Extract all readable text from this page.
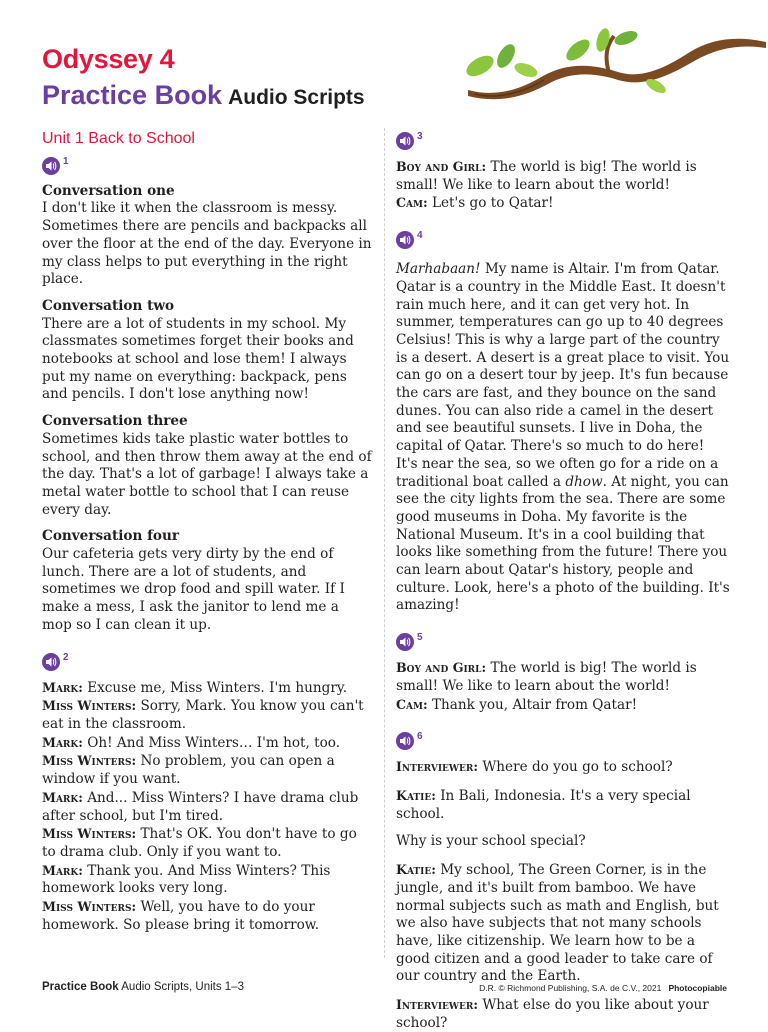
Odyssey 4
Practice Book Audio Scripts
Unit 1 Back to School
1
Conversation one

I don't like it when the classroom is messy. Sometimes there are pencils and backpacks all over the floor at the end of the day. Everyone in my class helps to put everything in the right place.

Conversation two

There are a lot of students in my school. My classmates sometimes forget their books and notebooks at school and lose them! I always put my name on everything: backpack, pens and pencils. I don't lose anything now!

Conversation three

Sometimes kids take plastic water bottles to school, and then throw them away at the end of the day. That's a lot of garbage! I always take a metal water bottle to school that I can reuse every day.

Conversation four

Our cafeteria gets very dirty by the end of lunch. There are a lot of students, and sometimes we drop food and spill water. If I make a mess, I ask the janitor to lend me a mop so I can clean it up.

2

Mark: Excuse me, Miss Winters. I'm hungry.

Miss Winters: Sorry, Mark. You know you can't eat in the classroom.

Mark: Oh! And Miss Winters… I'm hot, too.

Miss Winters: No problem, you can open a window if you want.

Mark: And... Miss Winters? I have drama club after school, but I'm tired.

Miss Winters: That's OK. You don't have to go to drama club. Only if you want to.

Mark: Thank you. And Miss Winters? This homework looks very long.

Miss Winters: Well, you have to do your homework. So please bring it tomorrow.

3

Boy and Girl: The world is big! The world is small! We like to learn about the world!

Cam: Let's go to Qatar!

4

Marhabaan! My name is Altair. I'm from Qatar. Qatar is a country in the Middle East. It doesn't rain much here, and it can get very hot. In summer, temperatures can go up to 40 degrees Celsius! This is why a large part of the country is a desert. A desert is a great place to visit. You can go on a desert tour by jeep. It's fun because the cars are fast, and they bounce on the sand dunes. You can also ride a camel in the desert and see beautiful sunsets. I live in Doha, the capital of Qatar. There's so much to do here! It's near the sea, so we often go for a ride on a traditional boat called a dhow. At night, you can see the city lights from the sea. There are some good museums in Doha. My favorite is the National Museum. It's in a cool building that looks like something from the future! There you can learn about Qatar's history, people and culture. Look, here's a photo of the building. It's amazing!

5

Boy and Girl: The world is big! The world is small! We like to learn about the world!

Cam: Thank you, Altair from Qatar!

6

Interviewer: Where do you go to school?

Katie: In Bali, Indonesia. It's a very special school.

Why is your school special?

Katie: My school, The Green Corner, is in the jungle, and it's built from bamboo. We have normal subjects such as math and English, but we also have subjects that not many schools have, like citizenship. We learn how to be a good citizen and a good leader to take care of our country and the Earth.

Interviewer: What else do you like about your school?

Practice Book Audio Scripts, Units 1–3	D.R. © Richmond Publishing, S.A. de C.V., 2021 Photocopiable
